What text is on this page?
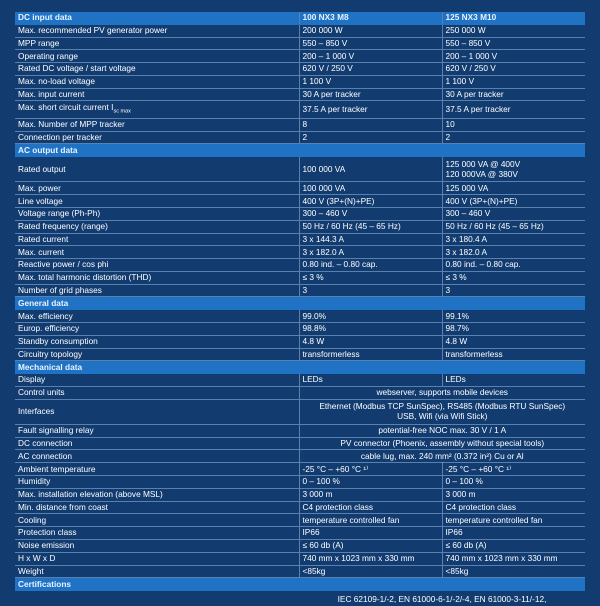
DC input data	100 NX3 M8	125 NX3 M10
Max. recommended PV generator power	200 000 W	250 000 W
MPP range	550 – 850 V	550 – 850 V
Operating range	200 – 1 000 V	200 – 1 000 V
Rated DC voltage / start voltage	620 V / 250 V	620 V / 250 V
Max. no-load voltage	1 100 V	1 100 V
Max. input current	30 A per tracker	30 A per tracker
Max. short circuit current $I_{sc max}$	37.5 A per tracker	37.5 A per tracker
Max. Number of MPP tracker	8	10
Connection per tracker	2	2
AC output data		
Rated output	100 000 VA	125 000 VA @ 400V
120 000VA @ 380V

Max. power	100 000 VA	125 000 VA
Line voltage	400 V (3P+(N)+PE)	400 V (3P+(N)+PE)
Voltage range (Ph-Ph)	300 – 460 V	300 – 460 V
Rated frequency (range)	50 Hz / 60 Hz (45 – 65 Hz)	50 Hz / 60 Hz (45 – 65 Hz)
Rated current	3 x 144.3 A	3 x 180.4 A
Max. current	3 x 182.0 A	3 x 182.0 A
Reactive power / cos phi	0.80 ind. – 0.80 cap.	0.80 ind. – 0.80 cap.
Max. total harmonic distortion (THD)	≤ 3 %	≤ 3 %
Number of grid phases	3	3
General data		
Max. efficiency	99.0%	99.1%
Europ. efficiency	98.8%	98.7%
Standby consumption	4.8 W	4.8 W
Circuitry topology	transformerless	transformerless
Mechanical data		
Display	LEDs	LEDs
Control units	webserver, supports mobile devices	
Interfaces	Ethernet (Modbus TCP SunSpec), RS485 (Modbus RTU SunSpec)
USB, Wifi (via Wifi Stick)	

Fault signalling relay	potential-free NOC max. 30 V / 1 A	
DC connection	PV connector (Phoenix, assembly without special tools)	
AC connection	cable lug, max. 240 mm² (0.372 in²) Cu or Al	
Ambient temperature	-25 °C – +60 °C ¹⁾	-25 °C – +60 °C ¹⁾
Humidity	0 – 100 %	0 – 100 %
Max. installation elevation (above MSL)	3 000 m	3 000 m
Min. distance from coast	C4 protection class	C4 protection class
Cooling	temperature controlled fan	temperature controlled fan
Protection class	IP66	IP66
Noise emission	≤ 60 db (A)	≤ 60 db (A)
H x W x D	740 mm x 1023 mm x 330 mm	740 mm x 1023 mm x 330 mm
Weight	<85kg	<85kg
Certifications		
	IEC 62109-1/-2, EN 61000-6-1/-2/-4, EN 61000-3-11/-12,	
